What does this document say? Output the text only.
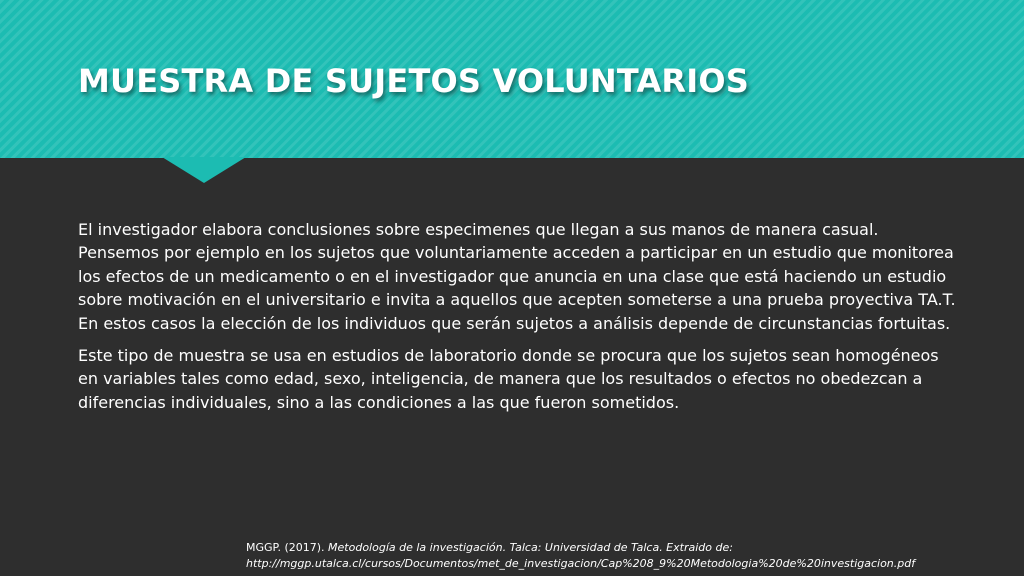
MUESTRA DE SUJETOS VOLUNTARIOS

El investigador elabora conclusiones sobre especimenes que llegan a sus manos de manera casual. Pensemos por ejemplo en los sujetos que voluntariamente acceden a participar en un estudio que monitorea los efectos de un medicamento o en el investigador que anuncia en una clase que está haciendo un estudio sobre motivación en el universitario e invita a aquellos que acepten someterse a una prueba proyectiva TA.T. En estos casos la elección de los individuos que serán sujetos a análisis depende de circunstancias fortuitas.

Este tipo de muestra se usa en estudios de laboratorio donde se procura que los sujetos sean homogéneos en variables tales como edad, sexo, inteligencia, de manera que los resultados o efectos no obedezcan a diferencias individuales, sino a las condiciones a las que fueron sometidos.

MGGP. (2017). Metodología de la investigación. Talca: Universidad de Talca. Extraido de:
http://mggp.utalca.cl/cursos/Documentos/met_de_investigacion/Cap%208_9%20Metodologia%20de%20investigacion.pdf
